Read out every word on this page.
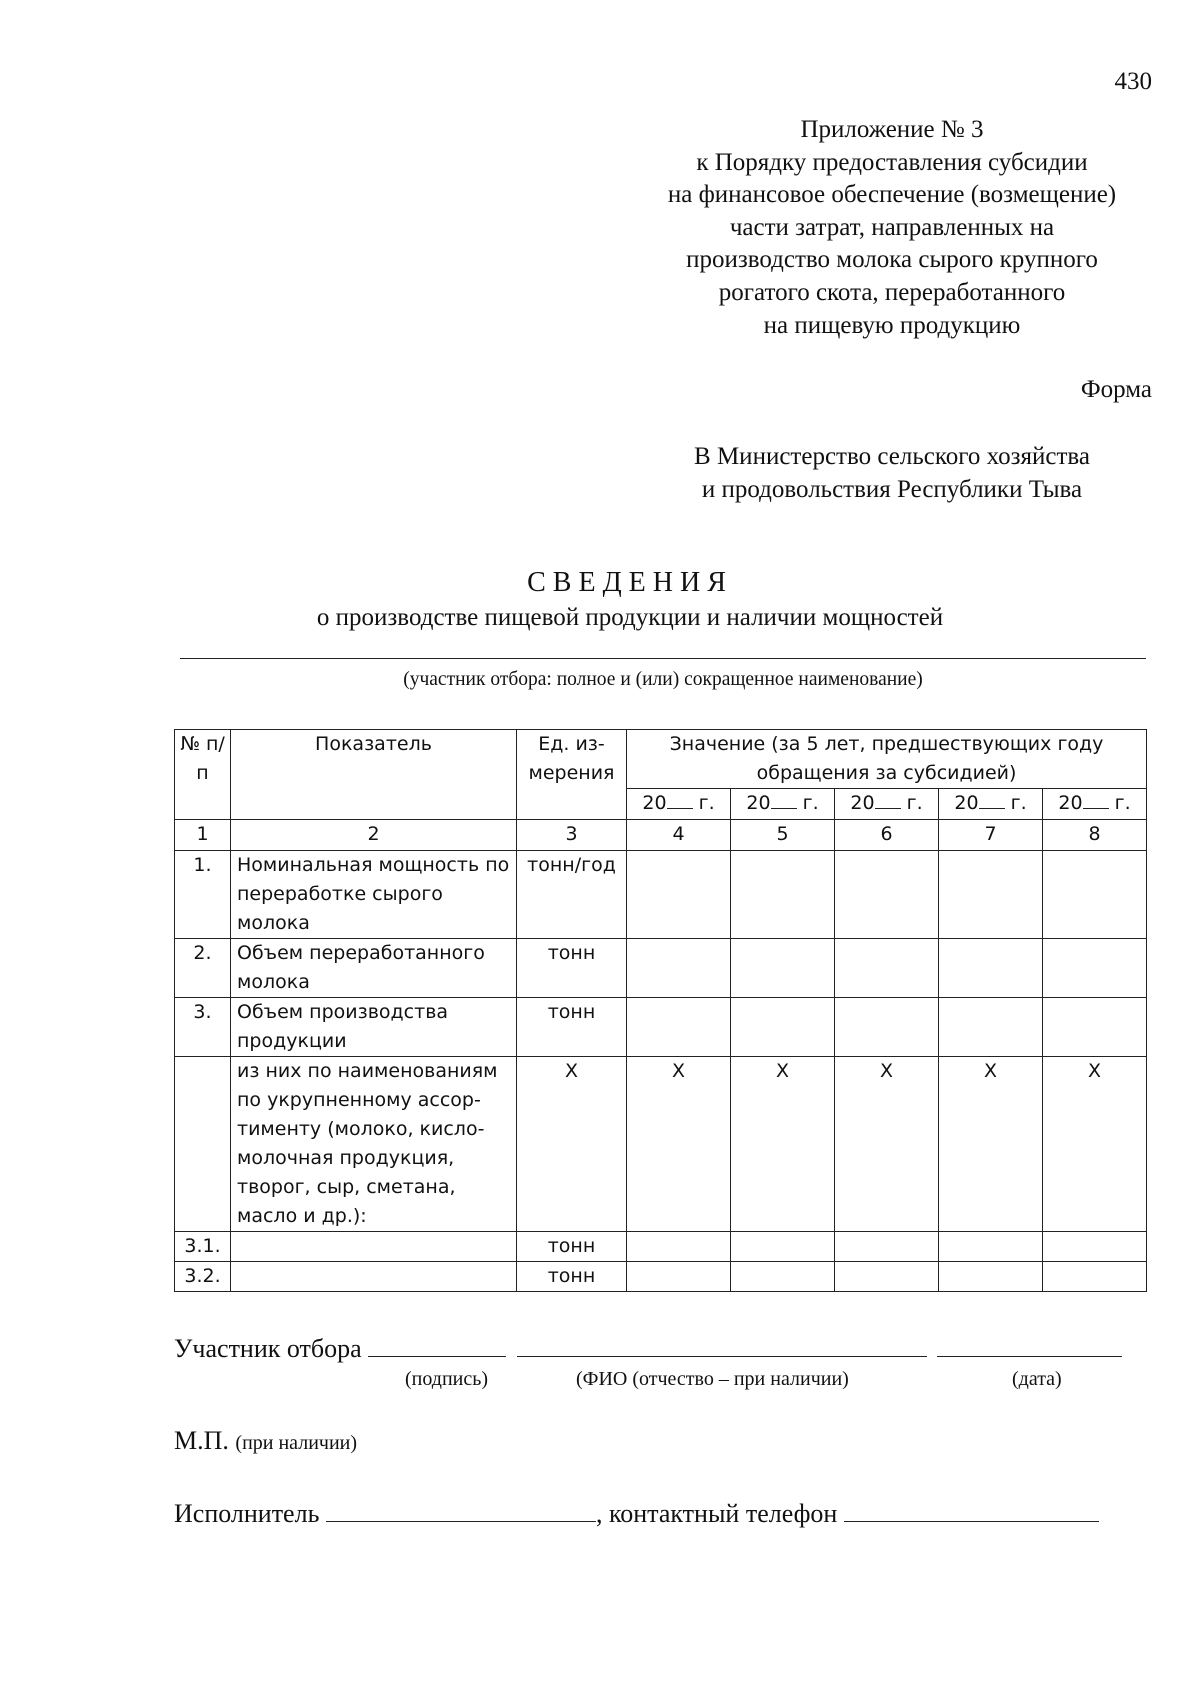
430
Приложение № 3
к Порядку предоставления субсидии
на финансовое обеспечение (возмещение)
части затрат, направленных на
производство молока сырого крупного
рогатого скота, переработанного
на пищевую продукцию
Форма
В Министерство сельского хозяйства
и продовольствия Республики Тыва
СВЕДЕНИЯ
о производстве пищевой продукции и наличии мощностей
(участник отбора: полное и (или) сокращенное наименование)
№ п/п	Показатель	Ед. из-мерения	Значение (за 5 лет, предшествующих году обращения за субсидией)				
			20 г.	20 г.	20 г.	20 г.	20 г.
1	2	3	4	5	6	7	8
1.	Номинальная мощность по переработке сырого молока	тонн/год					
2.	Объем переработанного молока	тонн					
3.	Объем производства продукции	тонн					
	из них по наименованиям по укрупненному ассор-тименту (молоко, кисло-молочная продукция, творог, сыр, сметана, масло и др.):	X	X	X	X	X	X
3.1.		тонн					
3.2.		тонн					
Участник отбора
(подпись)	(ФИО (отчество – при наличии)	(дата)
М.П. (при наличии)
Исполнитель	, контактный телефон
